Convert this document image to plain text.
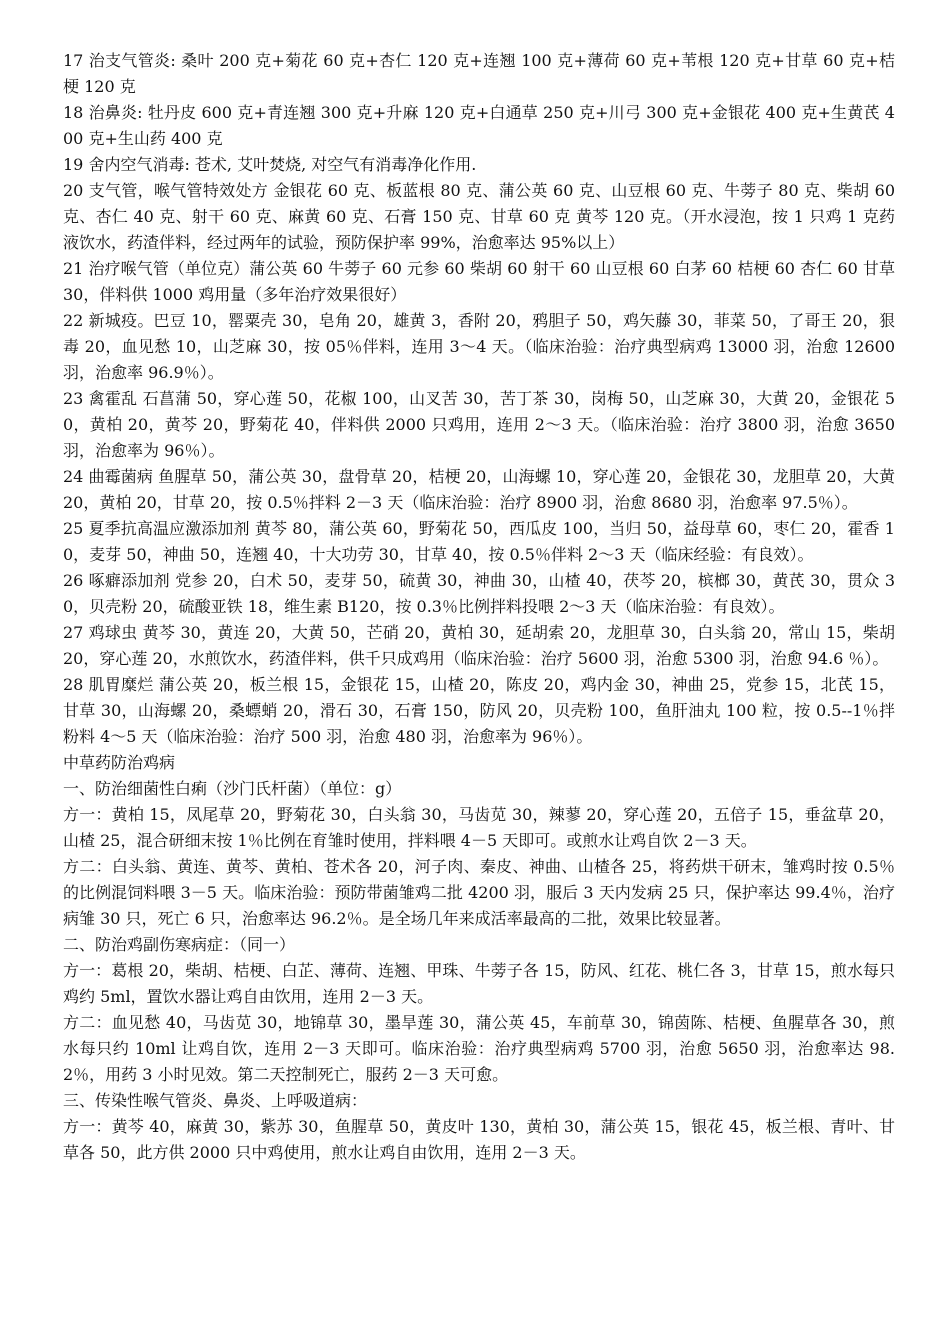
17 治支气管炎: 桑叶 200 克+菊花 60 克+杏仁 120 克+连翘 100 克+薄荷 60 克+苇根 120 克+甘草 60 克+桔梗 120 克

18 治鼻炎: 牡丹皮 600 克+青连翘 300 克+升麻 120 克+白通草 250 克+川弓 300 克+金银花 400 克+生黄芪 400 克+生山药 400 克

19 舍内空气消毒: 苍术, 艾叶焚烧, 对空气有消毒净化作用.

20 支气管，喉气管特效处方 金银花 60 克、板蓝根 80 克、蒲公英 60 克、山豆根 60 克、牛蒡子 80 克、柴胡 60 克、杏仁 40 克、射干 60 克、麻黄 60 克、石膏 150 克、甘草 60 克 黄芩 120 克。（开水浸泡，按 1 只鸡 1 克药液饮水，药渣伴料，经过两年的试验，预防保护率 99%，治愈率达 95%以上）

21 治疗喉气管（单位克）蒲公英 60 牛蒡子 60 元参 60 柴胡 60 射干 60 山豆根 60 白茅 60 桔梗 60 杏仁 60 甘草 30，伴料供 1000 鸡用量（多年治疗效果很好）

22 新城疫。巴豆 10，罂粟壳 30，皂角 20，雄黄 3，香附 20，鸦胆子 50，鸡矢藤 30，菲菜 50，了哥王 20，狠毒 20，血见愁 10，山芝麻 30，按 05％伴料，连用 3～4 天。（临床治验：治疗典型病鸡 13000 羽，治愈 12600 羽，治愈率 96.9％）。

23 禽霍乱 石菖蒲 50，穿心莲 50，花椒 100，山叉苦 30，苦丁茶 30，岗梅 50，山芝麻 30，大黄 20，金银花 50，黄柏 20，黄芩 20，野菊花 40，伴料供 2000 只鸡用，连用 2～3 天。（临床治验：治疗 3800 羽，治愈 3650 羽，治愈率为 96％）。

24 曲霉菌病 鱼腥草 50，蒲公英 30，盘骨草 20，桔梗 20，山海螺 10，穿心莲 20，金银花 30，龙胆草 20，大黄 20，黄柏 20，甘草 20，按 0.5％拌料 2－3 天（临床治验：治疗 8900 羽，治愈 8680 羽，治愈率 97.5％）。

25 夏季抗高温应激添加剂 黄芩 80，蒲公英 60，野菊花 50，西瓜皮 100，当归 50，益母草 60，枣仁 20，霍香 10，麦芽 50，神曲 50，连翘 40，十大功劳 30，甘草 40，按 0.5％伴料 2～3 天（临床经验：有良效）。

26 啄癖添加剂 党参 20，白术 50，麦芽 50，硫黄 30，神曲 30，山楂 40，茯芩 20，槟榔 30，黄芪 30，贯众 30，贝壳粉 20，硫酸亚铁 18，维生素 B120，按 0.3％比例拌料投喂 2～3 天（临床治验：有良效）。

27 鸡球虫 黄芩 30，黄连 20，大黄 50，芒硝 20，黄柏 30，延胡索 20，龙胆草 30，白头翁 20，常山 15，柴胡 20，穿心莲 20，水煎饮水，药渣伴料，供千只成鸡用（临床治验：治疗 5600 羽，治愈 5300 羽，治愈 94.6 ％）。

28 肌胃糜烂 蒲公英 20，板兰根 15，金银花 15，山楂 20，陈皮 20，鸡内金 30，神曲 25，党参 15，北芪 15，甘草 30，山海螺 20，桑螵蛸 20，滑石 30，石膏 150，防风 20，贝壳粉 100，鱼肝油丸 100 粒，按 0.5--1％拌粉料 4～5 天（临床治验：治疗 500 羽，治愈 480 羽，治愈率为 96％）。

中草药防治鸡病

一、防治细菌性白痢（沙门氏杆菌）（单位：g）

方一：黄柏 15，凤尾草 20，野菊花 30，白头翁 30，马齿苋 30，辣蓼 20，穿心莲 20，五倍子 15，垂盆草 20，山楂 25，混合研细末按 1％比例在育雏时使用，拌料喂 4－5 天即可。或煎水让鸡自饮 2－3 天。

方二：白头翁、黄连、黄芩、黄柏、苍术各 20，河子肉、秦皮、神曲、山楂各 25，将药烘干研末，雏鸡时按 0.5％的比例混饲料喂 3－5 天。临床治验：预防带菌雏鸡二批 4200 羽，服后 3 天内发病 25 只，保护率达 99.4％，治疗病雏 30 只，死亡 6 只，治愈率达 96.2％。是全场几年来成活率最高的二批，效果比较显著。

二、防治鸡副伤寒病症：（同一）

方一：葛根 20，柴胡、桔梗、白芷、薄荷、连翘、甲珠、牛蒡子各 15，防风、红花、桃仁各 3，甘草 15，煎水每只鸡约 5ml，置饮水器让鸡自由饮用，连用 2－3 天。

方二：血见愁 40，马齿苋 30，地锦草 30，墨旱莲 30，蒲公英 45，车前草 30，锦茵陈、桔梗、鱼腥草各 30，煎水每只约 10ml 让鸡自饮，连用 2－3 天即可。临床治验：治疗典型病鸡 5700 羽，治愈 5650 羽，治愈率达 98.2％，用药 3 小时见效。第二天控制死亡，服药 2－3 天可愈。

三、传染性喉气管炎、鼻炎、上呼吸道病：

方一：黄芩 40，麻黄 30，紫苏 30，鱼腥草 50，黄皮叶 130，黄柏 30，蒲公英 15，银花 45，板兰根、青叶、甘草各 50，此方供 2000 只中鸡使用，煎水让鸡自由饮用，连用 2－3 天。
